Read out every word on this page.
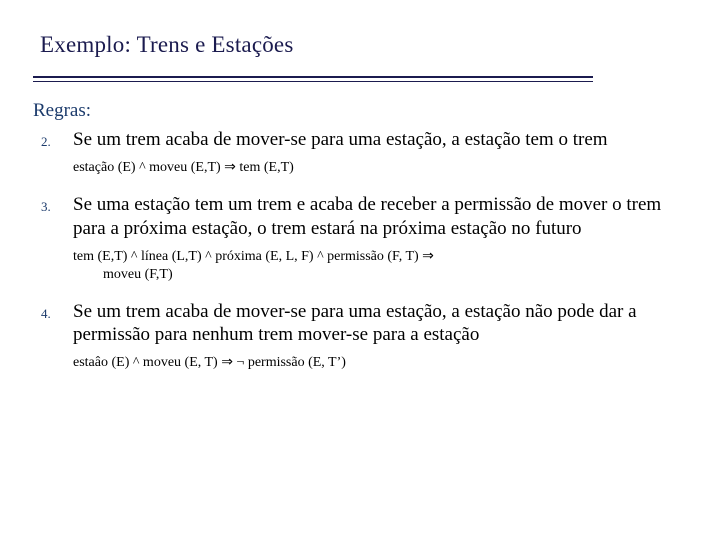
Exemplo: Trens e Estações

Regras:

2. Se um trem acaba de mover-se para uma estação, a estação tem o trem
estação (E) ^ moveu (E,T) ⇒ tem (E,T)
3. Se uma estação tem um trem e acaba de receber a permissão de mover o trem para a próxima estação, o trem estará na próxima estação no futuro
tem (E,T) ^ línea (L,T) ^ próxima (E, L, F) ^ permissão (F, T) ⇒
moveu (F,T)
4. Se um trem acaba de mover-se para uma estação, a estação não pode dar a permissão para nenhum trem mover-se para a estação
estaâo (E) ^ moveu (E, T) ⇒ ¬ permissão (E, T’)
